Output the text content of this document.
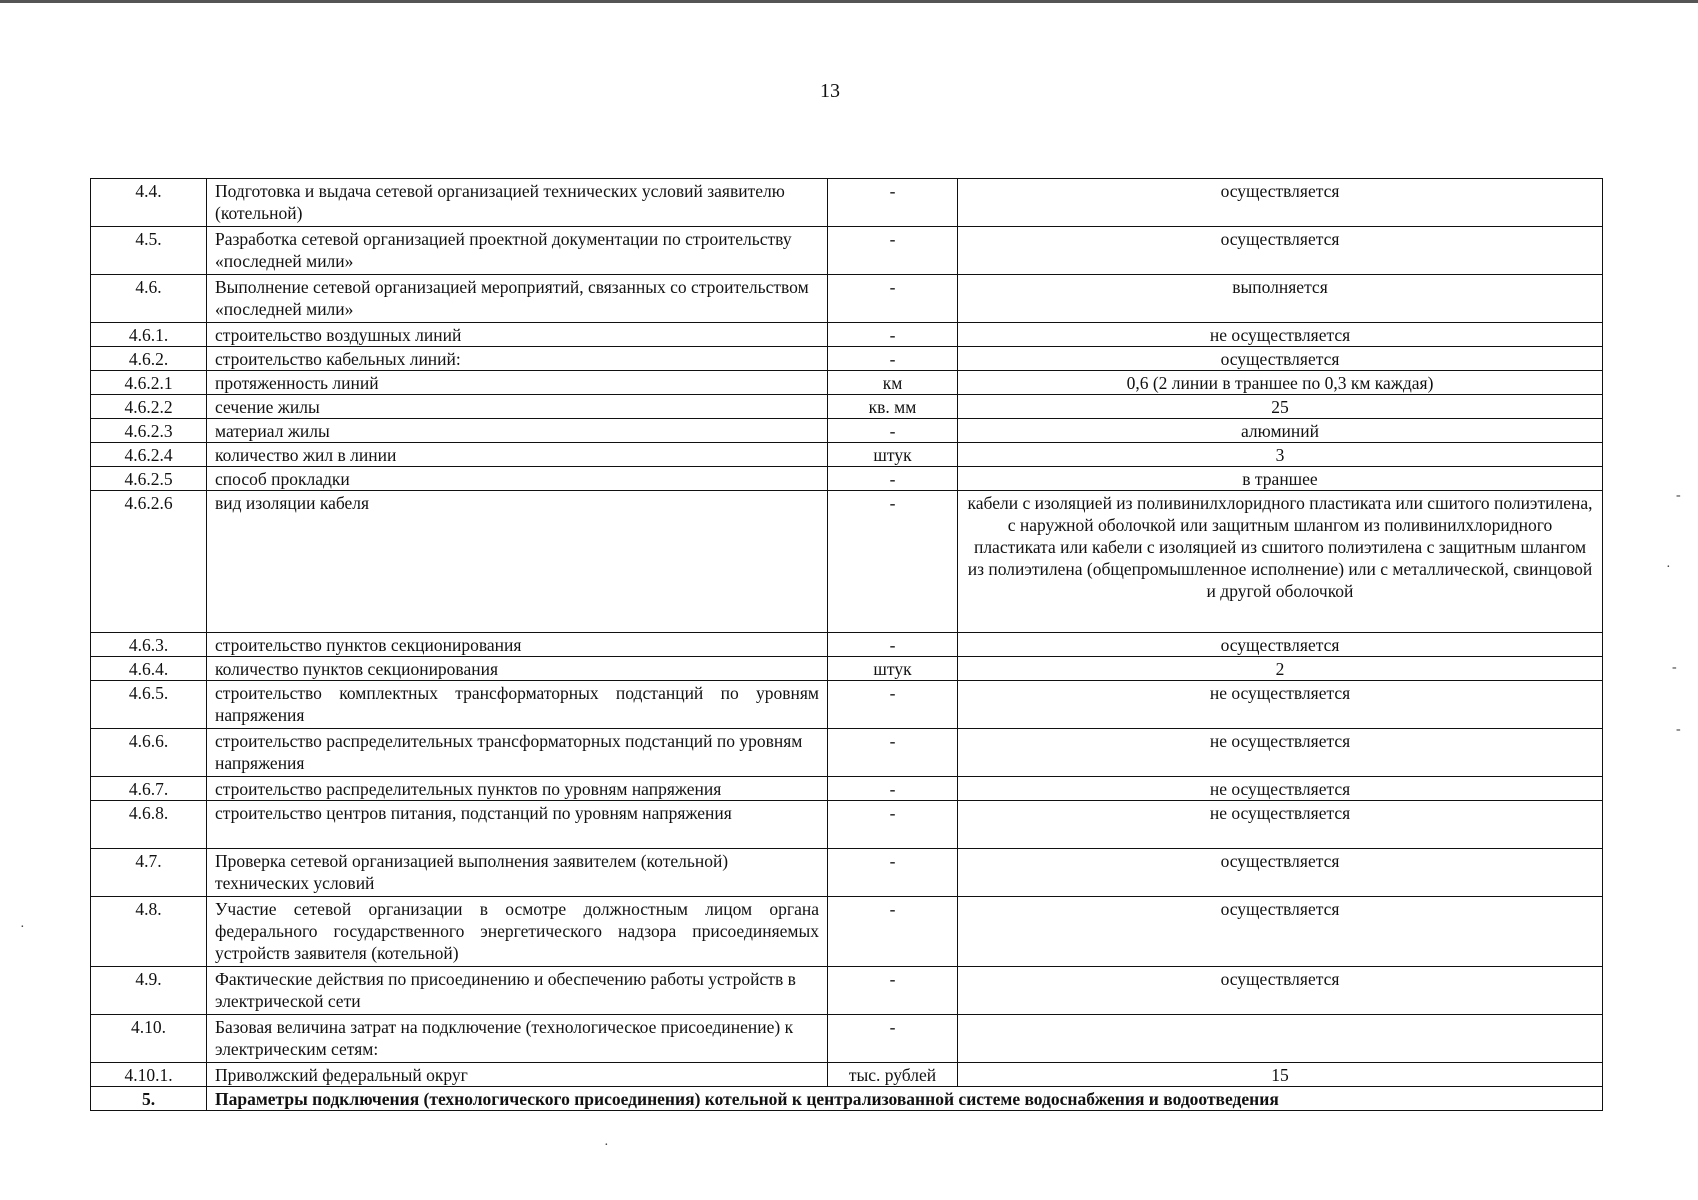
13
4.4.	Подготовка и выдача сетевой организацией технических условий заявителю (котельной)	-	осуществляется
4.5.	Разработка сетевой организацией проектной документации по строительству «последней мили»	-	осуществляется
4.6.	Выполнение сетевой организацией мероприятий, связанных со строительством «последней мили»	-	выполняется
4.6.1.	строительство воздушных линий	-	не осуществляется
4.6.2.	строительство кабельных линий:	-	осуществляется
4.6.2.1	протяженность линий	км	0,6 (2 линии в траншее по 0,3 км каждая)
4.6.2.2	сечение жилы	кв. мм	25
4.6.2.3	материал жилы	-	алюминий
4.6.2.4	количество жил в линии	штук	3
4.6.2.5	способ прокладки	-	в траншее
4.6.2.6	вид изоляции кабеля	-	кабели с изоляцией из поливинилхлоридного пластиката или сшитого полиэтилена, с наружной оболочкой или защитным шлангом из поливинилхлоридного пластиката или кабели с изоляцией из сшитого полиэтилена с защитным шлангом из полиэтилена (общепромышленное исполнение) или с металлической, свинцовой и другой оболочкой
4.6.3.	строительство пунктов секционирования	-	осуществляется
4.6.4.	количество пунктов секционирования	штук	2
4.6.5.	строительство комплектных трансформаторных подстанций по уровням напряжения	-	не осуществляется
4.6.6.	строительство распределительных трансформаторных подстанций по уровням напряжения	-	не осуществляется
4.6.7.	строительство распределительных пунктов по уровням напряжения	-	не осуществляется
4.6.8.	строительство центров питания, подстанций по уровням напряжения	-	не осуществляется
4.7.	Проверка сетевой организацией выполнения заявителем (котельной) технических условий	-	осуществляется
4.8.	Участие сетевой организации в осмотре должностным лицом органа федерального государственного энергетического надзора присоединяемых устройств заявителя (котельной)	-	осуществляется
4.9.	Фактические действия по присоединению и обеспечению работы устройств в электрической сети	-	осуществляется
4.10.	Базовая величина затрат на подключение (технологическое присоединение) к электрическим сетям:	-	
4.10.1.	Приволжский федеральный округ	тыс. рублей	15
5.	Параметры подключения (технологического присоединения) котельной к централизованной системе водоснабжения и водоотведения		
-
·
-
-
·
·
